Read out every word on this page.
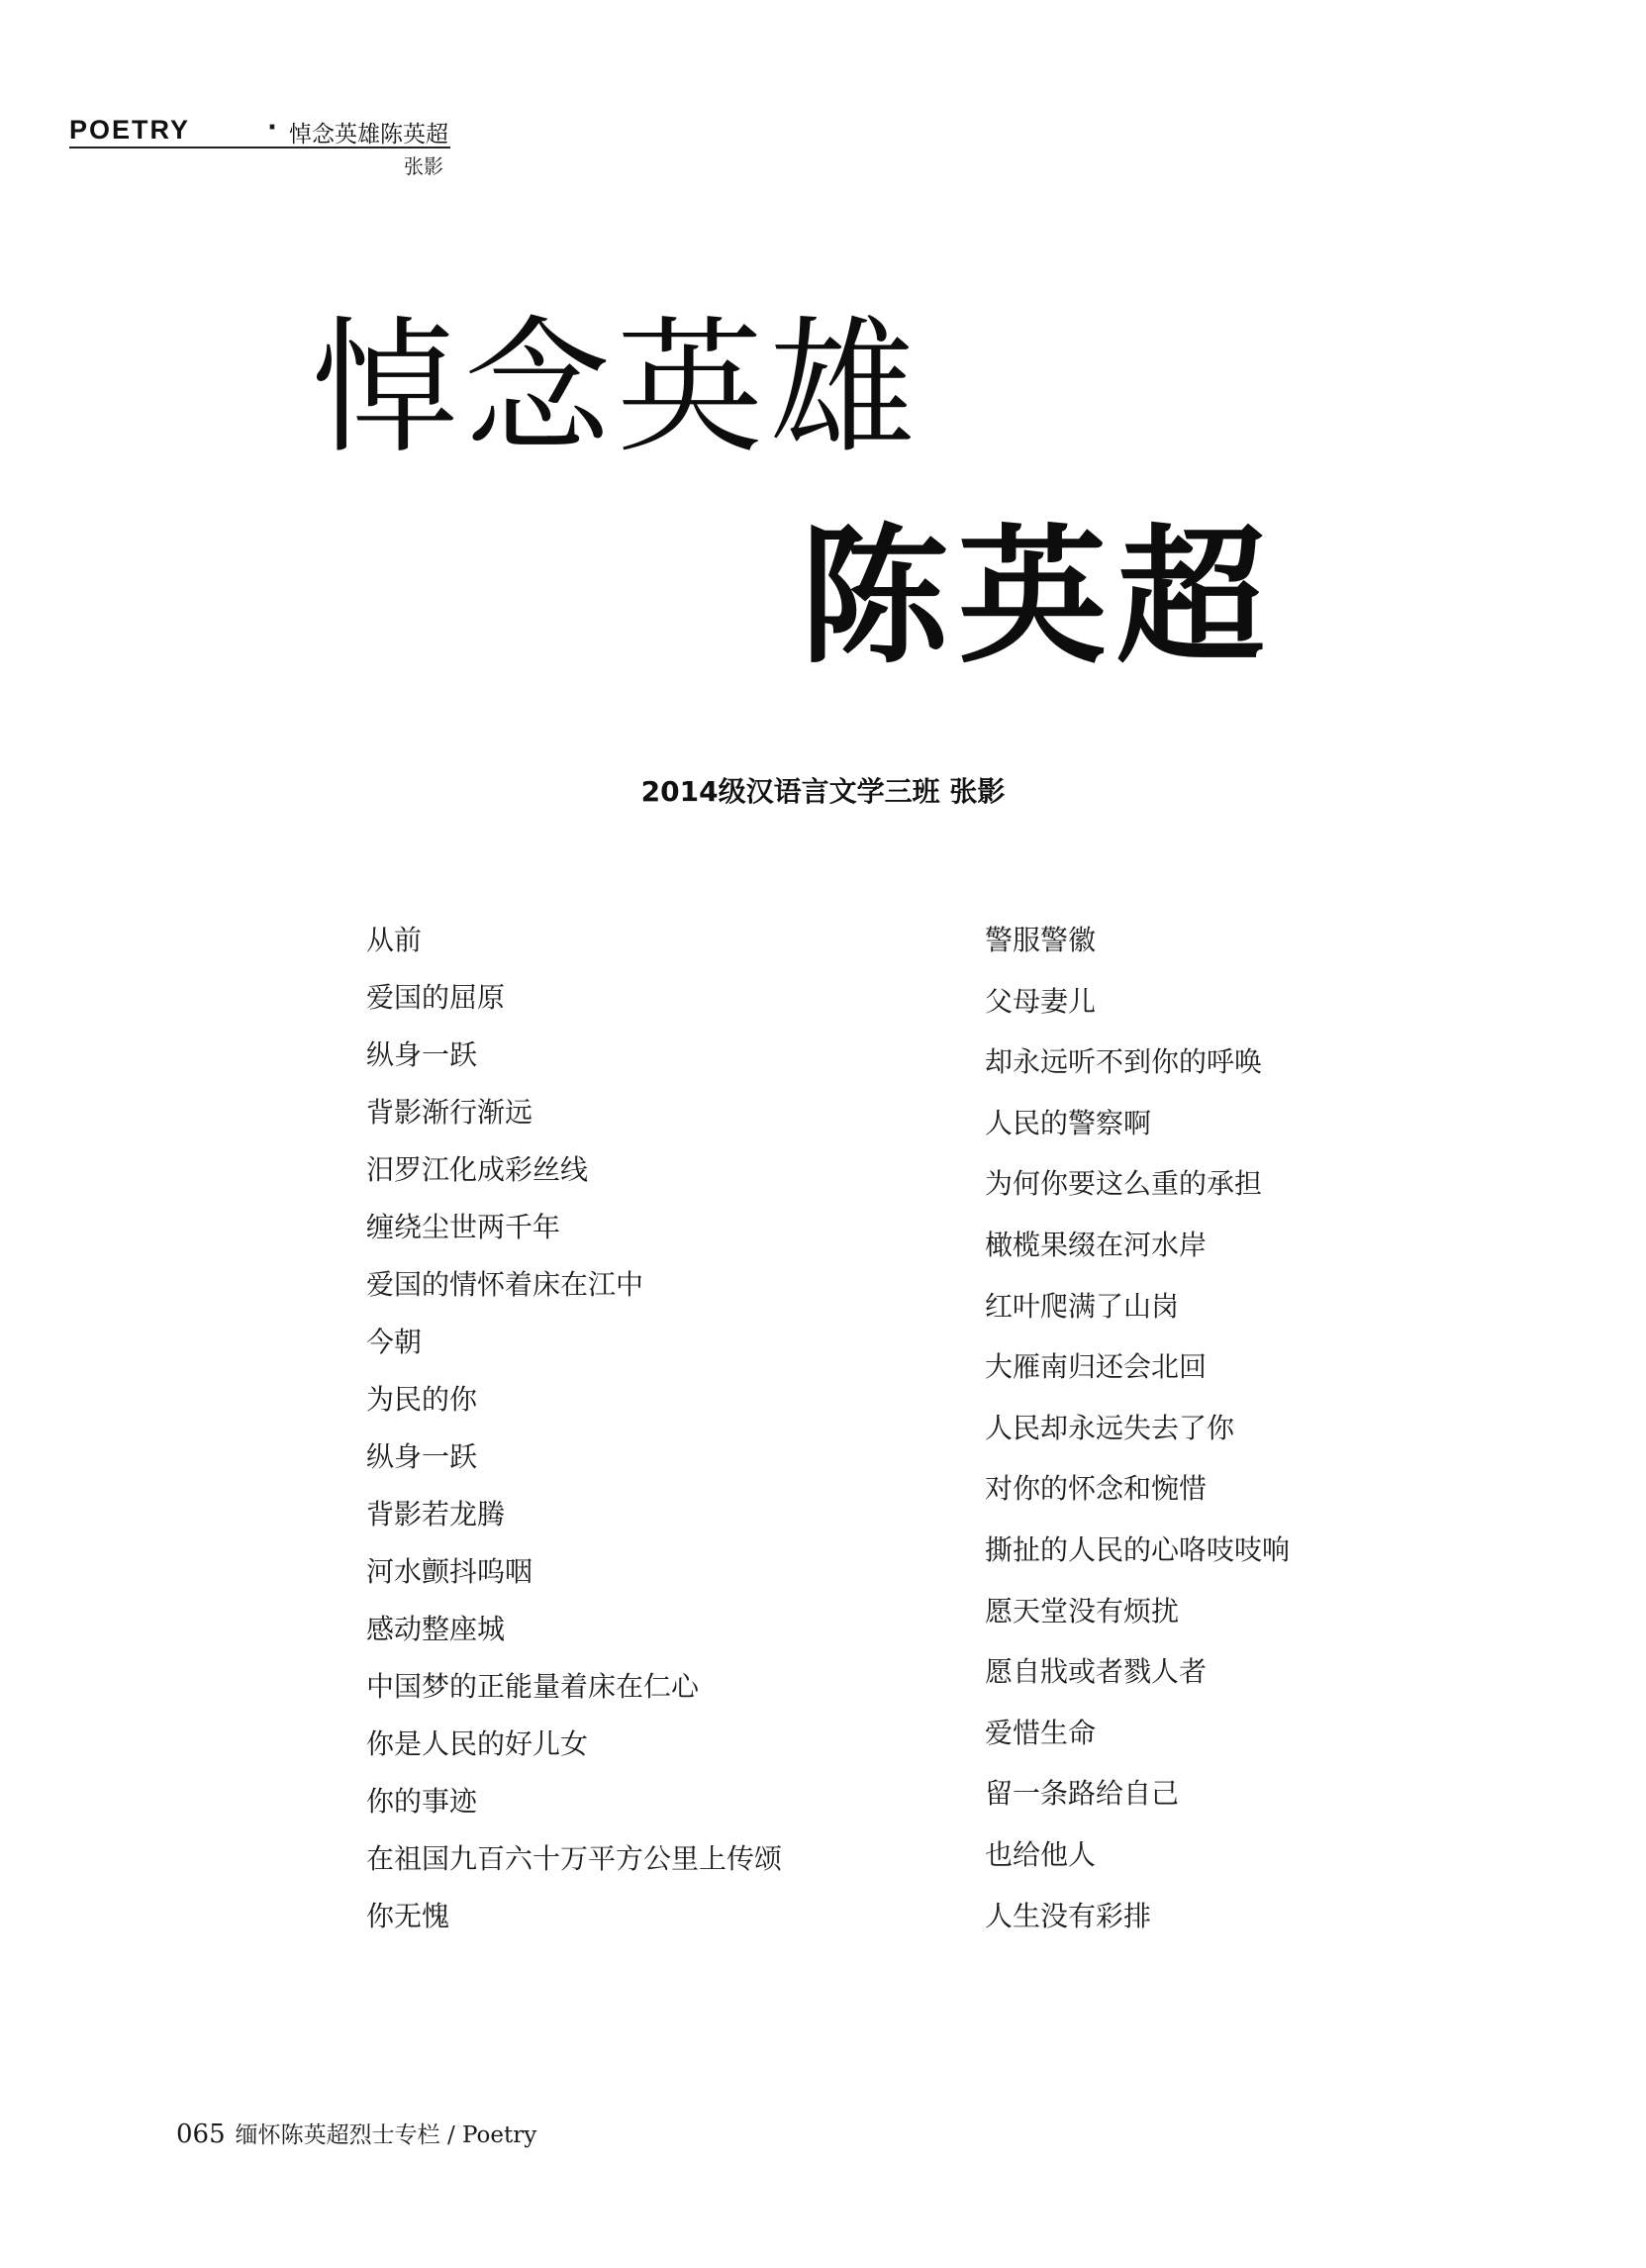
POETRY	· 悼念英雄陈英超
张影
悼念英雄
陈英超
2014级汉语言文学三班 张影
从前
爱国的屈原
纵身一跃
背影渐行渐远
汨罗江化成彩丝线
缠绕尘世两千年
爱国的情怀着床在江中
今朝
为民的你
纵身一跃
背影若龙腾
河水颤抖呜咽
感动整座城
中国梦的正能量着床在仁心
你是人民的好儿女
你的事迹
在祖国九百六十万平方公里上传颂
你无愧
警服警徽
父母妻儿
却永远听不到你的呼唤
人民的警察啊
为何你要这么重的承担
橄榄果缀在河水岸
红叶爬满了山岗
大雁南归还会北回
人民却永远失去了你
对你的怀念和惋惜
撕扯的人民的心咯吱吱响
愿天堂没有烦扰
愿自戕或者戮人者
爱惜生命
留一条路给自己
也给他人
人生没有彩排
065 缅怀陈英超烈士专栏 / Poetry
